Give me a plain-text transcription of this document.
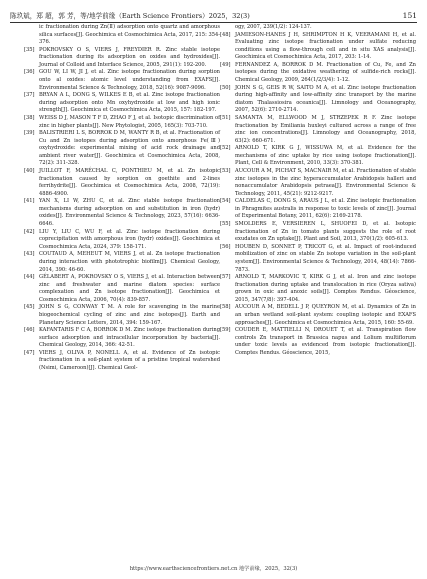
陈玖斌，郑 超，郭 芳，等/地学前缘（Earth Science Frontiers）2025，32(3)	151
ic fractionation during Zn(Ⅱ) adsorption onto quartz and amorphous silica surfaces[J]. Geochimica et Cosmochimica Acta, 2017, 215: 354-376.
[35] POKROVSKY O S, VIERS J, FREYDIER R. Zinc stable isotope fractionation during its adsorption on oxides and hydroxides[J]. Journal of Colloid and Interface Science, 2005, 291(1): 192-200.
[36] GOU W, LI W, JI J, et al. Zinc isotope fractionation during sorption onto al oxides: atomic level understanding from EXAFS[J]. Environmental Science & Technology, 2018, 52(16): 9087-9096.
[37] BRYAN A L, DONG S, WILKES E B, et al. Zinc isotope fractionation during adsorption onto Mn oxyhydroxide at low and high ionic strength[J]. Geochimica et Cosmochimica Acta, 2015, 157: 182-197.
[38] WEISS D J, MASON T F D, ZHAO F J, et al. Isotopic discrimination of zinc in higher plants[J]. New Phytologist, 2005, 165(3): 703-710.
[39] BALISTRIERI L S, BORROK D M, WANTY R B, et al. Fractionation of Cu and Zn isotopes during adsorption onto amorphous Fe(Ⅲ) oxyhydroxide: experimental mixing of acid rock drainage and ambient river water[J]. Geochimica et Cosmochimica Acta, 2008, 72(2): 311-328.
[40] JUILLOT F, MARÉCHAL C, PONTHIEU M, et al. Zn isotopic fractionation caused by sorption on goethite and 2-lines ferrihydrite[J]. Geochimica et Cosmochimica Acta, 2008, 72(19): 4886-4900.
[41] YAN X, LI W, ZHU C, et al. Zinc stable isotope fractionation mechanisms during adsorption on and substitution in iron (hydr) oxides[J]. Environmental Science & Technology, 2023, 57(16): 6636-6646.
[42] LIU Y, LIU C, WU F, et al. Zinc isotope fractionation during coprecipitation with amorphous iron (hydr) oxides[J]. Geochimica et Cosmochimica Acta, 2024, 379: 158-171.
[43] COUTAUD A, MEHEUT M, VIERS J, et al. Zn isotope fractionation during interaction with phototrophic biofilm[J]. Chemical Geology, 2014, 390: 46-60.
[44] GÉLABERT A, POKROVSKY O S, VIERS J, et al. Interaction between zinc and freshwater and marine diatom species: surface complexation and Zn isotope fractionation[J]. Geochimica et Cosmochimica Acta, 2006, 70(4): 839-857.
[45] JOHN S G, CONWAY T M. A role for scavenging in the marine biogeochemical cycling of zinc and zinc isotopes[J]. Earth and Planetary Science Letters, 2014, 394: 159-167.
[46] KAFANTARIS F C A, BORROK D M. Zinc isotope fractionation during surface adsorption and intracellular incorporation by bacteria[J]. Chemical Geology, 2014, 366: 42-51.
[47] VIERS J, OLIVA P, NONELL A, et al. Evidence of Zn isotopic fractionation in a soil-plant system of a pristine tropical watershed (Nsimi, Cameroon)[J]. Chemical Geol-
ogy, 2007, 239(1/2): 124-137.
[48] JAMIESON-HANES J H, SHRIMPTON H K, VEERAMANI H, et al. Evaluating zinc isotope fractionation under sulfate reducing conditions using a flow-through cell and in situ XAS analysis[J]. Geochimica et Cosmochimica Acta, 2017, 203: 1-14.
[49] FERNANDEZ A, BORROK D M. Fractionation of Cu, Fe, and Zn isotopes during the oxidative weathering of sulfide-rich rocks[J]. Chemical Geology, 2009, 264(1/2/3/4): 1-12.
[50] JOHN S G, GEIS R W, SAITO M A, et al. Zinc isotope fractionation during high-affinity and low-affinity zinc transport by the marine diatom Thalassiosira oceanica[J]. Limnology and Oceanography, 2007, 52(6): 2710-2714.
[51] SAMANTA M, ELLWOOD M J, STRZEPEK R F. Zinc isotope fractionation by Emiliania huxleyi cultured across a range of free zinc ion concentrations[J]. Limnology and Oceanography, 2018, 63(2): 660-671.
[52] ARNOLD T, KIRK G J, WISSUWA M, et al. Evidence for the mechanisms of zinc uptake by rice using isotope fractionation[J]. Plant, Cell & Environment, 2010, 33(3): 370-381.
[53] AUCOUR A M, PICHAT S, MACNAIR M, et al. Fractionation of stable zinc isotopes in the zinc hyperaccumulator Arabidopsis halleri and nonaccumulator Arabidopsis petraea[J]. Environmental Science & Technology, 2011, 45(21): 9212-9217.
[54] CALDELAS C, DONG S, ARAUS J L, et al. Zinc isotopic fractionation in Phragmites australis in response to toxic levels of zinc[J]. Journal of Experimental Botany, 2011, 62(6): 2169-2178.
[55] SMOLDERS E, VERSIEREN L, SHUOFEI D, et al. Isotopic fractionation of Zn in tomato plants suggests the role of root exudates on Zn uptake[J]. Plant and Soil, 2013, 370(1/2): 605-613.
[56] HOUBEN D, SONNET P, TRICOT G, et al. Impact of root-induced mobilization of zinc on stable Zn isotope variation in the soil-plant system[J]. Environmental Science & Technology, 2014, 48(14): 7866-7873.
[57] ARNOLD T, MARKOVIC T, KIRK G J, et al. Iron and zinc isotope fractionation during uptake and translocation in rice (Oryza sativa) grown in oxic and anoxic soils[J]. Comptes Rendus. Géoscience, 2015, 347(7/8): 397-404.
[58] AUCOUR A M, BEDELL J P, QUEYRON M, et al. Dynamics of Zn in an urban wetland soil-plant system: coupling isotopic and EXAFS approaches[J]. Geochimica et Cosmochimica Acta, 2015, 160: 55-69.
[59] COUDER E, MATTIELLI N, DROUET T, et al. Transpiration flow controls Zn transport in Brassica napus and Lolium multiflorum under toxic levels as evidenced from isotopic fractionation[J]. Comptes Rendus. Géoscience, 2015,
https://www.earthsciencefrontiers.net.cn 地学前缘，2025，32(3)
